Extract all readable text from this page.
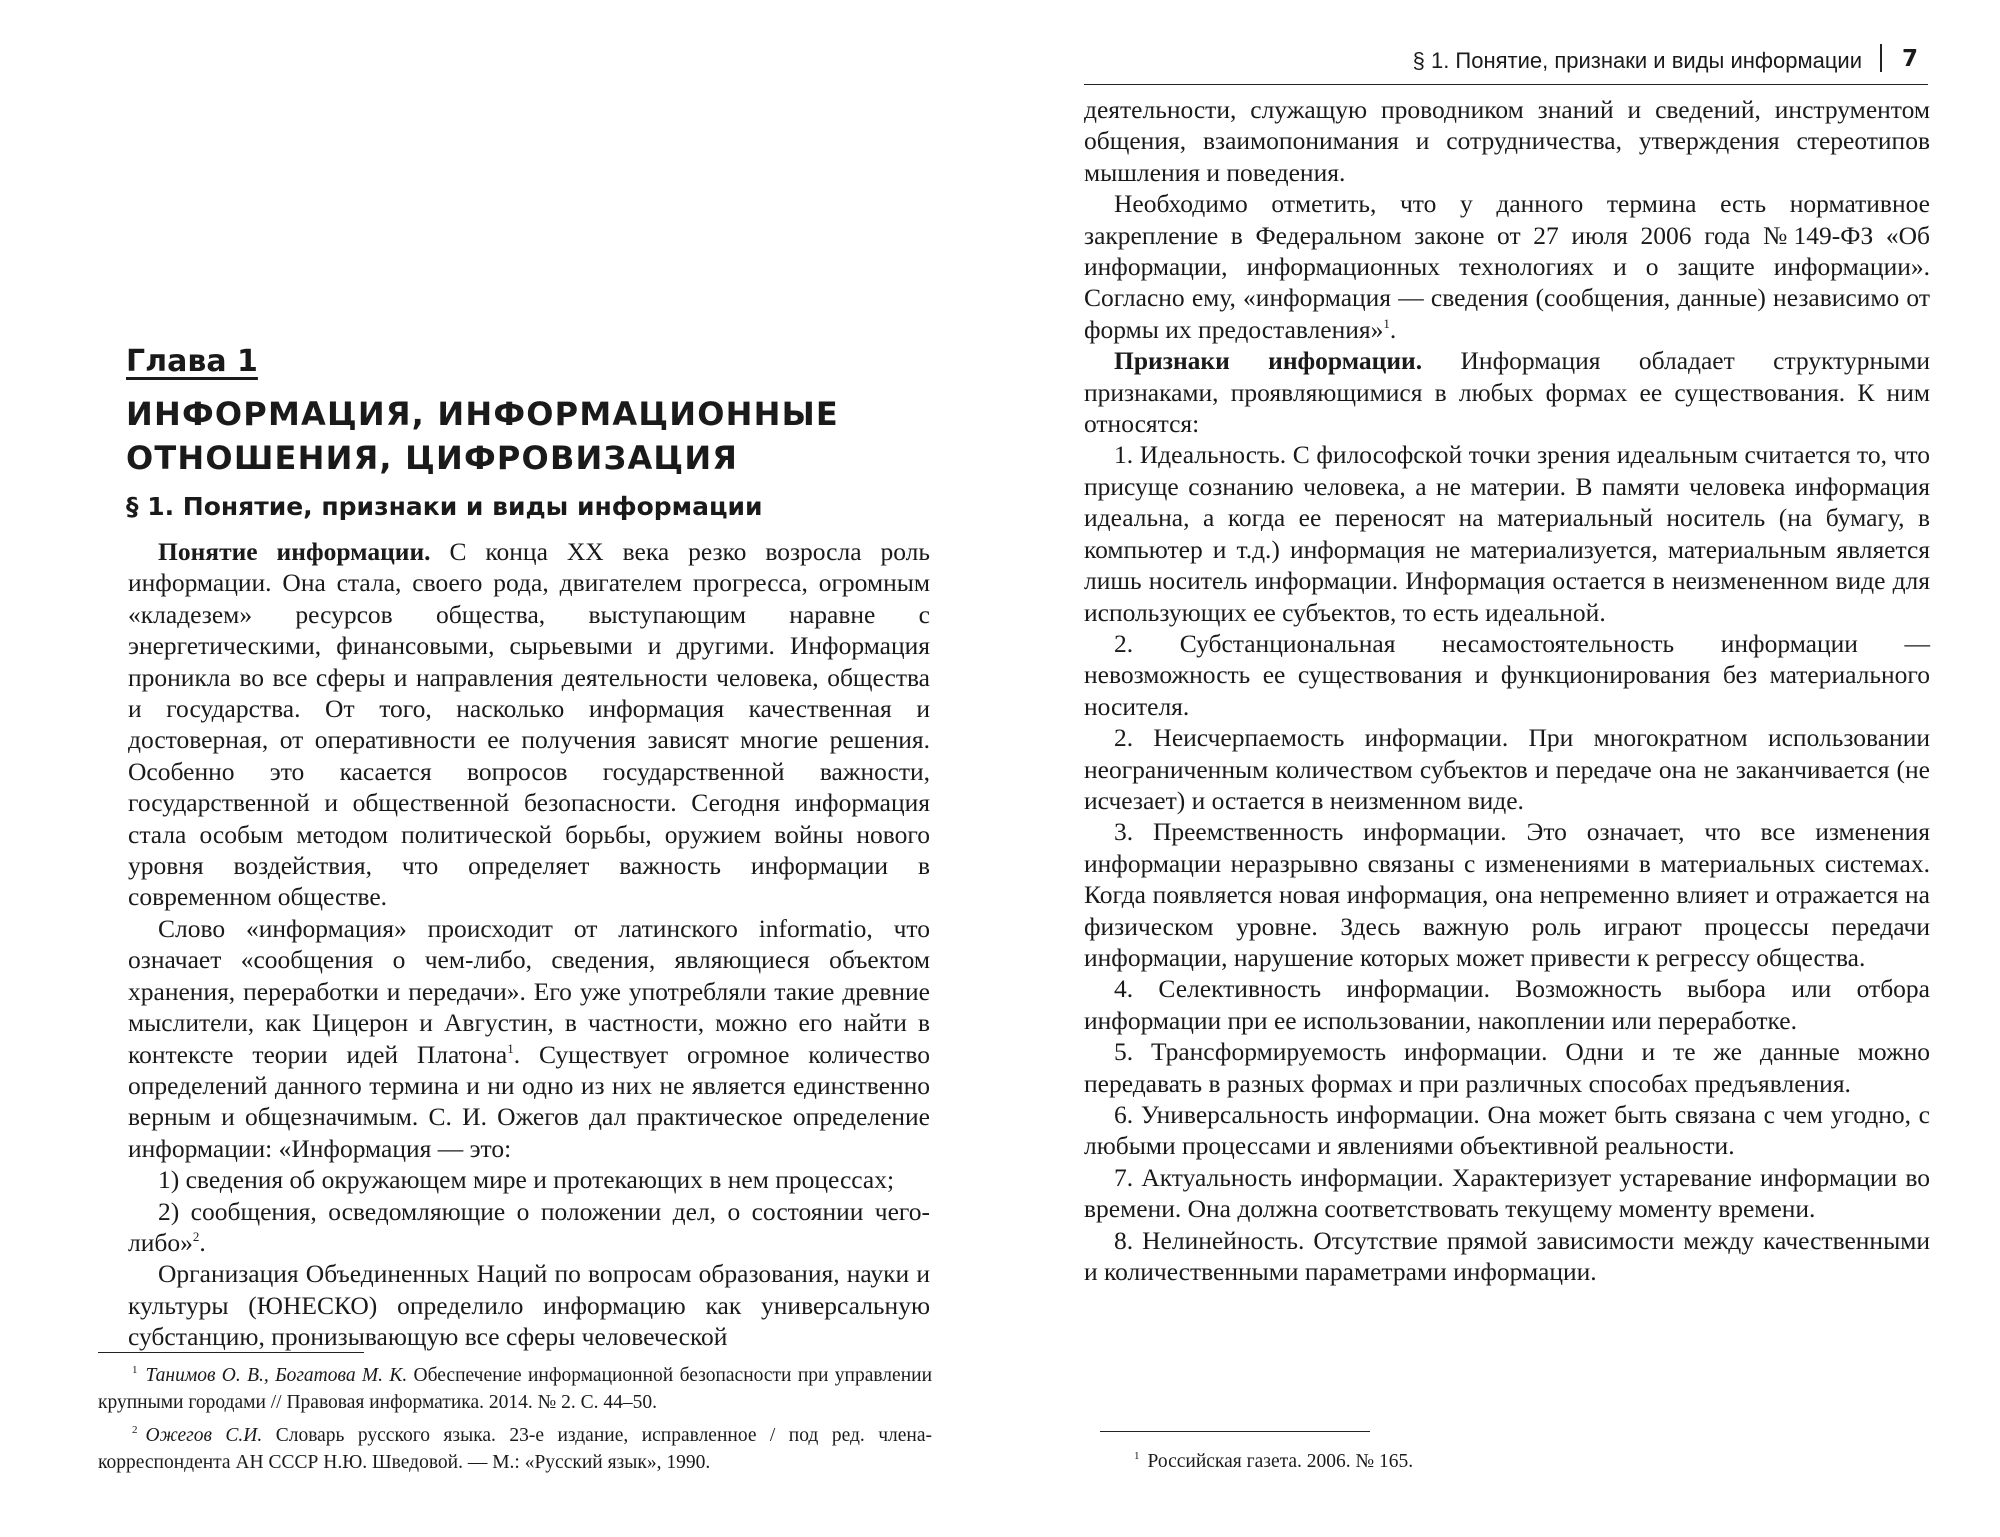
Глава 1

ИНФОРМАЦИЯ, ИНФОРМАЦИОННЫЕ ОТНОШЕНИЯ, ЦИФРОВИЗАЦИЯ

§ 1. Понятие, признаки и виды информации

Понятие информации. С конца XX века резко возросла роль информации. Она стала, своего рода, двигателем прогресса, огромным «кладезем» ресурсов общества, выступающим наравне с энергетическими, финансовыми, сырьевыми и другими. Информация проникла во все сферы и направления деятельности человека, общества и государства. От того, насколько информация качественная и достоверная, от оперативности ее получения зависят многие решения. Особенно это касается вопросов государственной важности, государственной и общественной безопасности. Сегодня информация стала особым методом политической борьбы, оружием войны нового уровня воздействия, что определяет важность информации в современном обществе.

Слово «информация» происходит от латинского informatio, что означает «сообщения о чем-либо, сведения, являющиеся объектом хранения, переработки и передачи». Его уже употребляли такие древние мыслители, как Цицерон и Августин, в частности, можно его найти в контексте теории идей Платона$^1$. Существует огромное количество определений данного термина и ни одно из них не является единственно верным и общезначимым. С. И. Ожегов дал практическое определение информации: «Информация — это:

1) сведения об окружающем мире и протекающих в нем процессах;

2) сообщения, осведомляющие о положении дел, о состоянии чего-либо»$^2$.

Организация Объединенных Наций по вопросам образования, науки и культуры (ЮНЕСКО) определило информацию как универсальную субстанцию, пронизывающую все сферы человеческой

$^1$ Танимов О. В., Богатова М. К. Обеспечение информационной безопасности при управлении крупными городами // Правовая информатика. 2014. № 2. С. 44–50.

$^2$ Ожегов С.И. Словарь русского языка. 23-е издание, исправленное / под ред. члена-корреспондента АН СССР Н.Ю. Шведовой. — М.: «Русский язык», 1990.

§ 1. Понятие, признаки и виды информации 7

деятельности, служащую проводником знаний и сведений, инструментом общения, взаимопонимания и сотрудничества, утверждения стереотипов мышления и поведения.

Необходимо отметить, что у данного термина есть нормативное закрепление в Федеральном законе от 27 июля 2006 года №149-ФЗ «Об информации, информационных технологиях и о защите информации». Согласно ему, «информация — сведения (сообщения, данные) независимо от формы их предоставления»$^1$.

Признаки информации. Информация обладает структурными признаками, проявляющимися в любых формах ее существования. К ним относятся:

1. Идеальность. С философской точки зрения идеальным считается то, что присуще сознанию человека, а не материи. В памяти человека информация идеальна, а когда ее переносят на материальный носитель (на бумагу, в компьютер и т.д.) информация не материализуется, материальным является лишь носитель информации. Информация остается в неизмененном виде для использующих ее субъектов, то есть идеальной.

2. Субстанциональная несамостоятельность информации — невозможность ее существования и функционирования без материального носителя.

2. Неисчерпаемость информации. При многократном использовании неограниченным количеством субъектов и передаче она не заканчивается (не исчезает) и остается в неизменном виде.

3. Преемственность информации. Это означает, что все изменения информации неразрывно связаны с изменениями в материальных системах. Когда появляется новая информация, она непременно влияет и отражается на физическом уровне. Здесь важную роль играют процессы передачи информации, нарушение которых может привести к регрессу общества.

4. Селективность информации. Возможность выбора или отбора информации при ее использовании, накоплении или переработке.

5. Трансформируемость информации. Одни и те же данные можно передавать в разных формах и при различных способах предъявления.

6. Универсальность информации. Она может быть связана с чем угодно, с любыми процессами и явлениями объективной реальности.

7. Актуальность информации. Характеризует устаревание информации во времени. Она должна соответствовать текущему моменту времени.

8. Нелинейность. Отсутствие прямой зависимости между качественными и количественными параметрами информации.

$^1$ Российская газета. 2006. № 165.
